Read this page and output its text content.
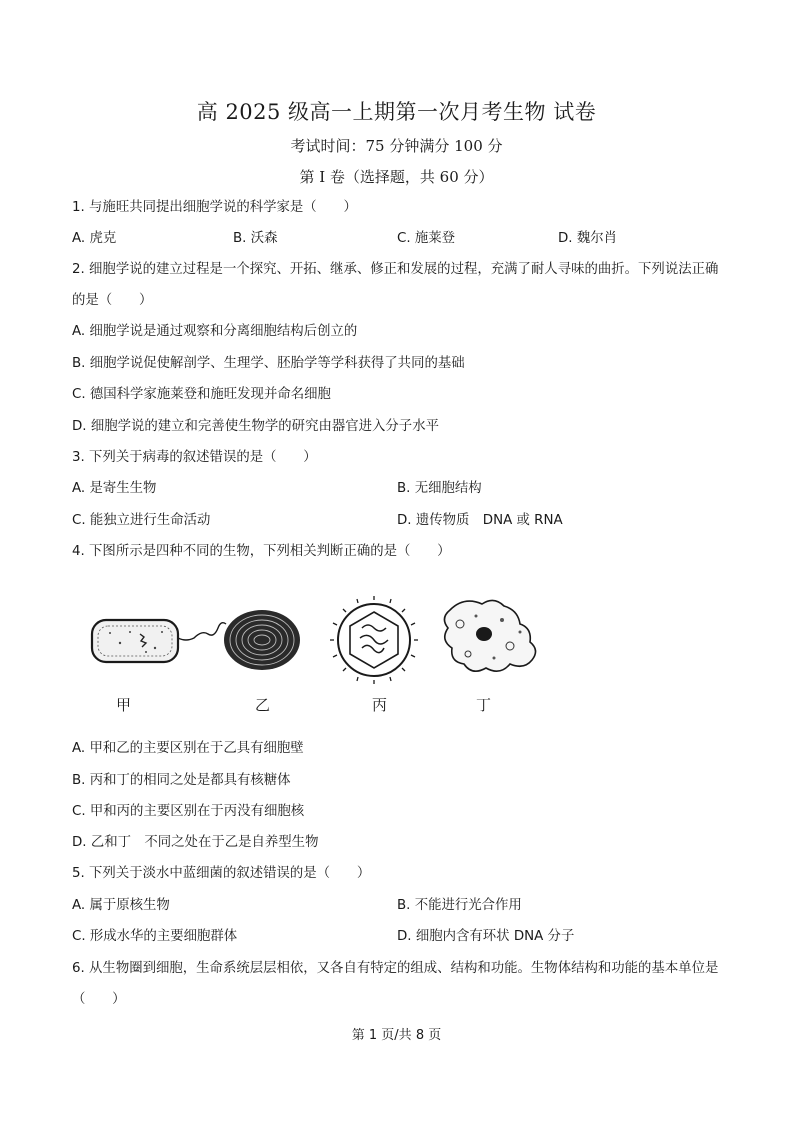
高 2025 级高一上期第一次月考生物 试卷
考试时间：75 分钟满分 100 分
第 I 卷（选择题，共 60 分）
1. 与施旺共同提出细胞学说的科学家是（　　）
A. 虎克	B. 沃森	C. 施莱登	D. 魏尔肖
2. 细胞学说的建立过程是一个探究、开拓、继承、修正和发展的过程，充满了耐人寻味的曲折。下列说法正确的是（　　）
A. 细胞学说是通过观察和分离细胞结构后创立的
B. 细胞学说促使解剖学、生理学、胚胎学等学科获得了共同的基础
C. 德国科学家施莱登和施旺发现并命名细胞
D. 细胞学说的建立和完善使生物学的研究由器官进入分子水平
3. 下列关于病毒的叙述错误的是（　　）
A. 是寄生生物	B. 无细胞结构
C. 能独立进行生命活动	D. 遗传物质　DNA 或 RNA
4. 下图所示是四种不同的生物，下列相关判断正确的是（　　）
甲	乙	丙	丁
A. 甲和乙的主要区别在于乙具有细胞壁
B. 丙和丁的相同之处是都具有核糖体
C. 甲和丙的主要区别在于丙没有细胞核
D. 乙和丁　不同之处在于乙是自养型生物
5. 下列关于淡水中蓝细菌的叙述错误的是（　　）
A. 属于原核生物	B. 不能进行光合作用
C. 形成水华的主要细胞群体	D. 细胞内含有环状 DNA 分子
6. 从生物圈到细胞，生命系统层层相依，又各自有特定的组成、结构和功能。生物体结构和功能的基本单位是　（　　）
第 1 页/共 8 页
